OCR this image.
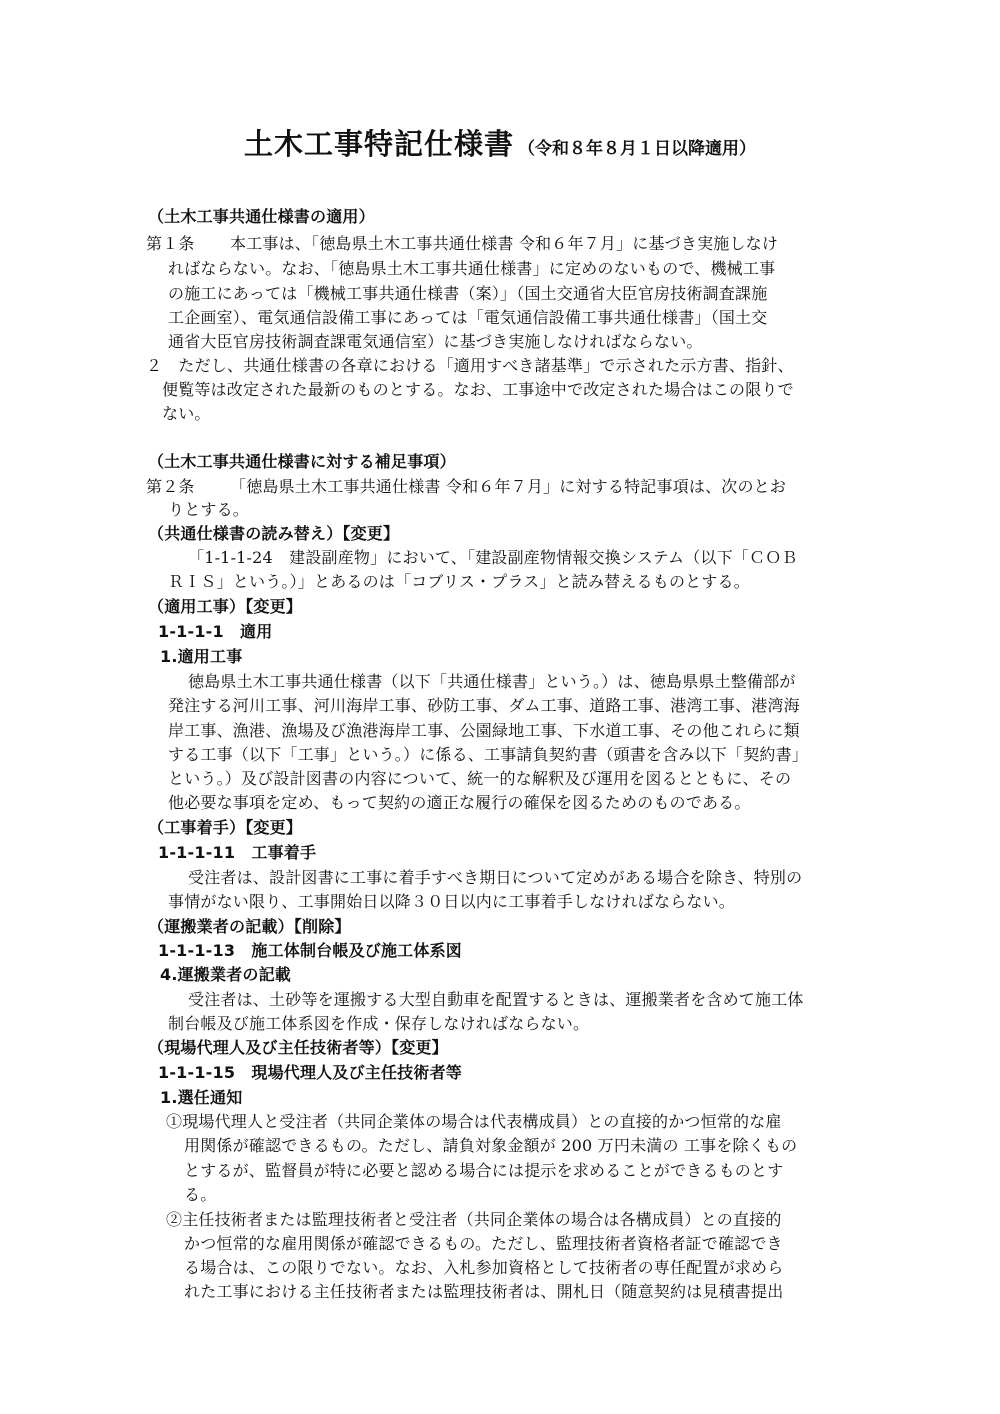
土木工事特記仕様書 （令和８年８月１日以降適用）
（土木工事共通仕様書の適用）
第１条 本工事は、「徳島県土木工事共通仕様書 令和６年７月」に基づき実施しなけ
ればならない。なお、「徳島県土木工事共通仕様書」に定めのないもので、機械工事
の施工にあっては「機械工事共通仕様書（案）」（国土交通省大臣官房技術調査課施
工企画室）、電気通信設備工事にあっては「電気通信設備工事共通仕様書」（国土交
通省大臣官房技術調査課電気通信室）に基づき実施しなければならない。
２　ただし、共通仕様書の各章における「適用すべき諸基準」で示された示方書、指針、
便覧等は改定された最新のものとする。なお、工事途中で改定された場合はこの限りで
ない。
（土木工事共通仕様書に対する補足事項）
第２条 「徳島県土木工事共通仕様書 令和６年７月」に対する特記事項は、次のとお
りとする。
（共通仕様書の読み替え）【変更】
「1-1-1-24　建設副産物」において、「建設副産物情報交換システム（以下「ＣＯＢ
ＲＩＳ」という。）」とあるのは「コブリス・プラス」と読み替えるものとする。
（適用工事）【変更】
1-1-1-1　適用
1.適用工事
徳島県土木工事共通仕様書（以下「共通仕様書」という。）は、徳島県県土整備部が
発注する河川工事、河川海岸工事、砂防工事、ダム工事、道路工事、港湾工事、港湾海
岸工事、漁港、漁場及び漁港海岸工事、公園緑地工事、下水道工事、その他これらに類
する工事（以下「工事」という。）に係る、工事請負契約書（頭書を含み以下「契約書」
という。）及び設計図書の内容について、統一的な解釈及び運用を図るとともに、その
他必要な事項を定め、もって契約の適正な履行の確保を図るためのものである。
（工事着手）【変更】
1-1-1-11　工事着手
受注者は、設計図書に工事に着手すべき期日について定めがある場合を除き、特別の
事情がない限り、工事開始日以降３０日以内に工事着手しなければならない。
（運搬業者の記載）【削除】
1-1-1-13　施工体制台帳及び施工体系図
4.運搬業者の記載
受注者は、土砂等を運搬する大型自動車を配置するときは、運搬業者を含めて施工体
制台帳及び施工体系図を作成・保存しなければならない。
（現場代理人及び主任技術者等）【変更】
1-1-1-15　現場代理人及び主任技術者等
1.選任通知
①現場代理人と受注者（共同企業体の場合は代表構成員）との直接的かつ恒常的な雇
用関係が確認できるもの。ただし、請負対象金額が 200 万円未満の 工事を除くもの
とするが、監督員が特に必要と認める場合には提示を求めることができるものとす
る。
②主任技術者または監理技術者と受注者（共同企業体の場合は各構成員）との直接的
かつ恒常的な雇用関係が確認できるもの。ただし、監理技術者資格者証で確認でき
る場合は、この限りでない。なお、入札参加資格として技術者の専任配置が求めら
れた工事における主任技術者または監理技術者は、開札日（随意契約は見積書提出
